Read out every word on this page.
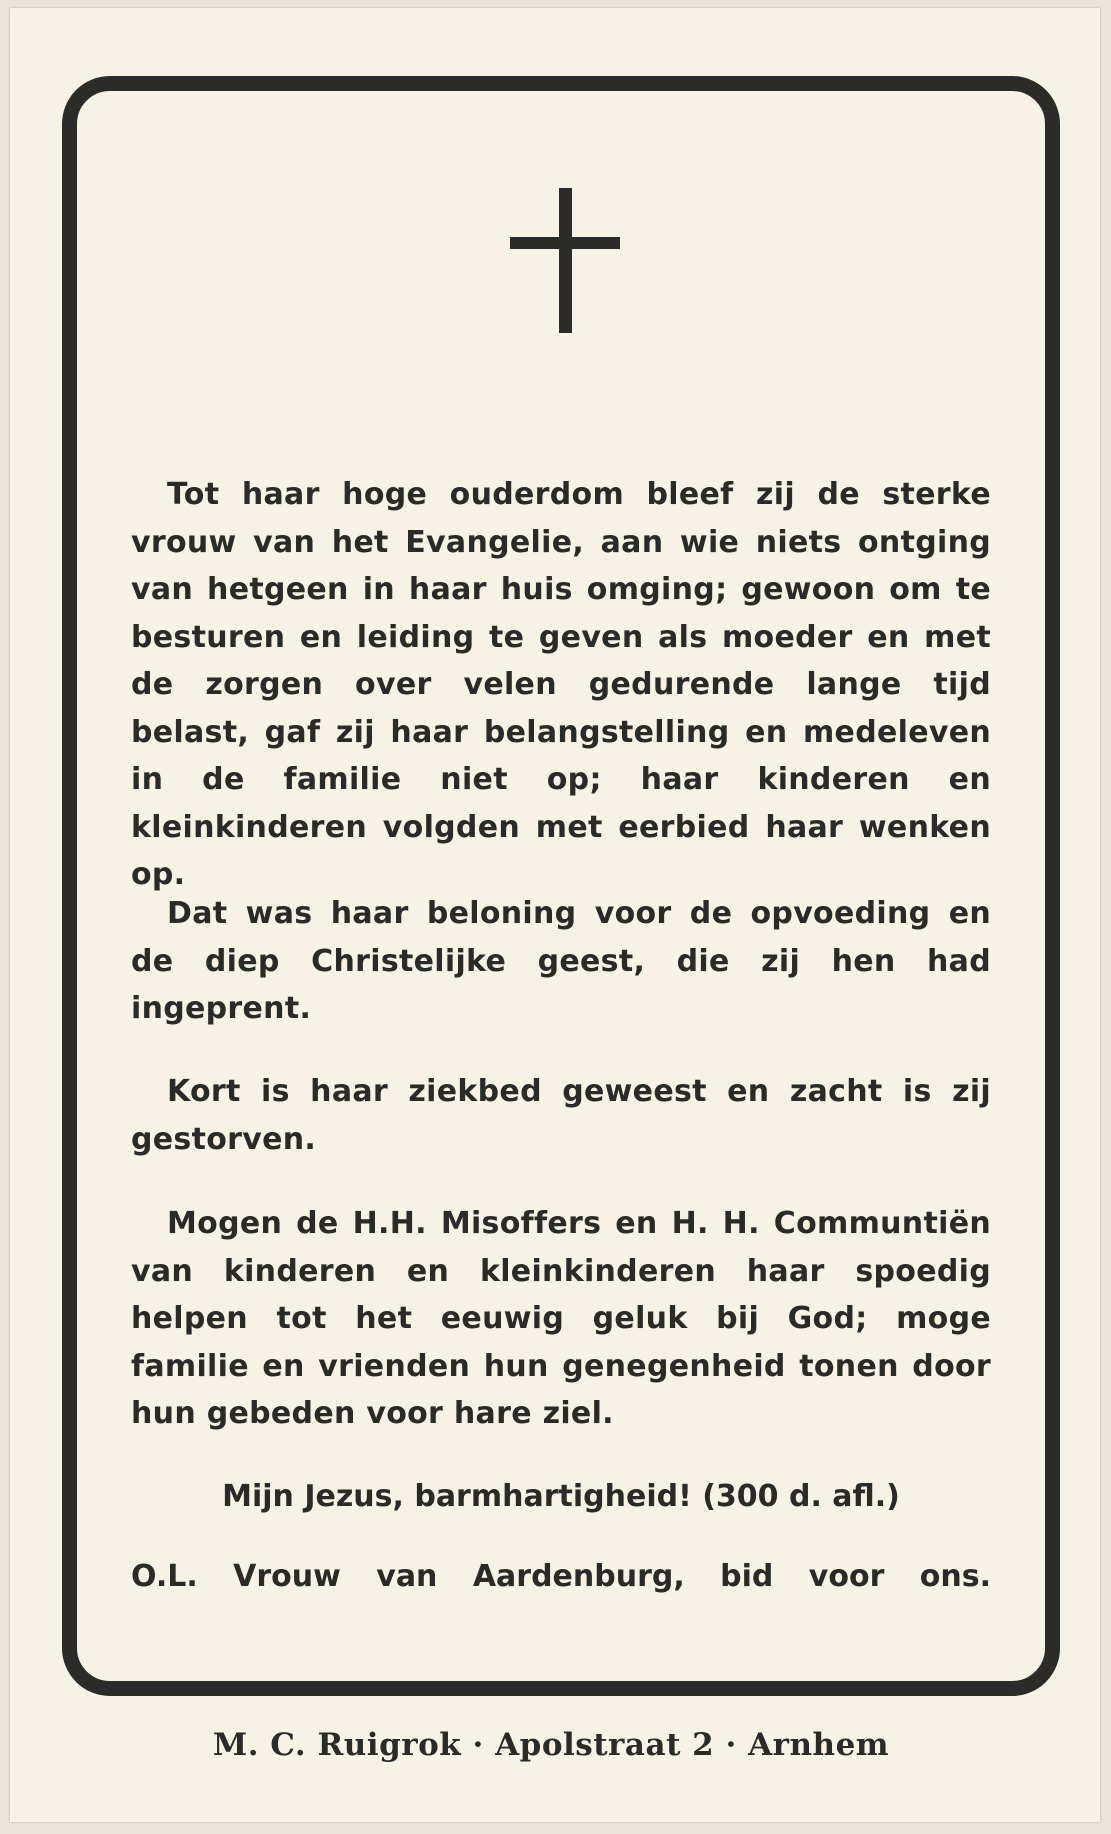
Tot haar hoge ouderdom bleef zij de sterke vrouw van het Evangelie, aan wie niets ontging van hetgeen in haar huis omging; gewoon om te besturen en leiding te geven als moeder en met de zorgen over velen gedurende lange tijd belast, gaf zij haar belangstelling en medeleven in de familie niet op; haar kinderen en kleinkinderen volgden met eerbied haar wenken op.

Dat was haar beloning voor de opvoeding en de diep Christelijke geest, die zij hen had ingeprent.

Kort is haar ziekbed geweest en zacht is zij gestorven.

Mogen de H.H. Misoffers en H. H. Communtiën van kinderen en kleinkinderen haar spoedig helpen tot het eeuwig geluk bij God; moge familie en vrienden hun genegenheid tonen door hun gebeden voor hare ziel.

Mijn Jezus, barmhartigheid! (300 d. afl.)
O.L. Vrouw van Aardenburg, bid voor ons.
M. C. Ruigrok · Apolstraat 2 · Arnhem
